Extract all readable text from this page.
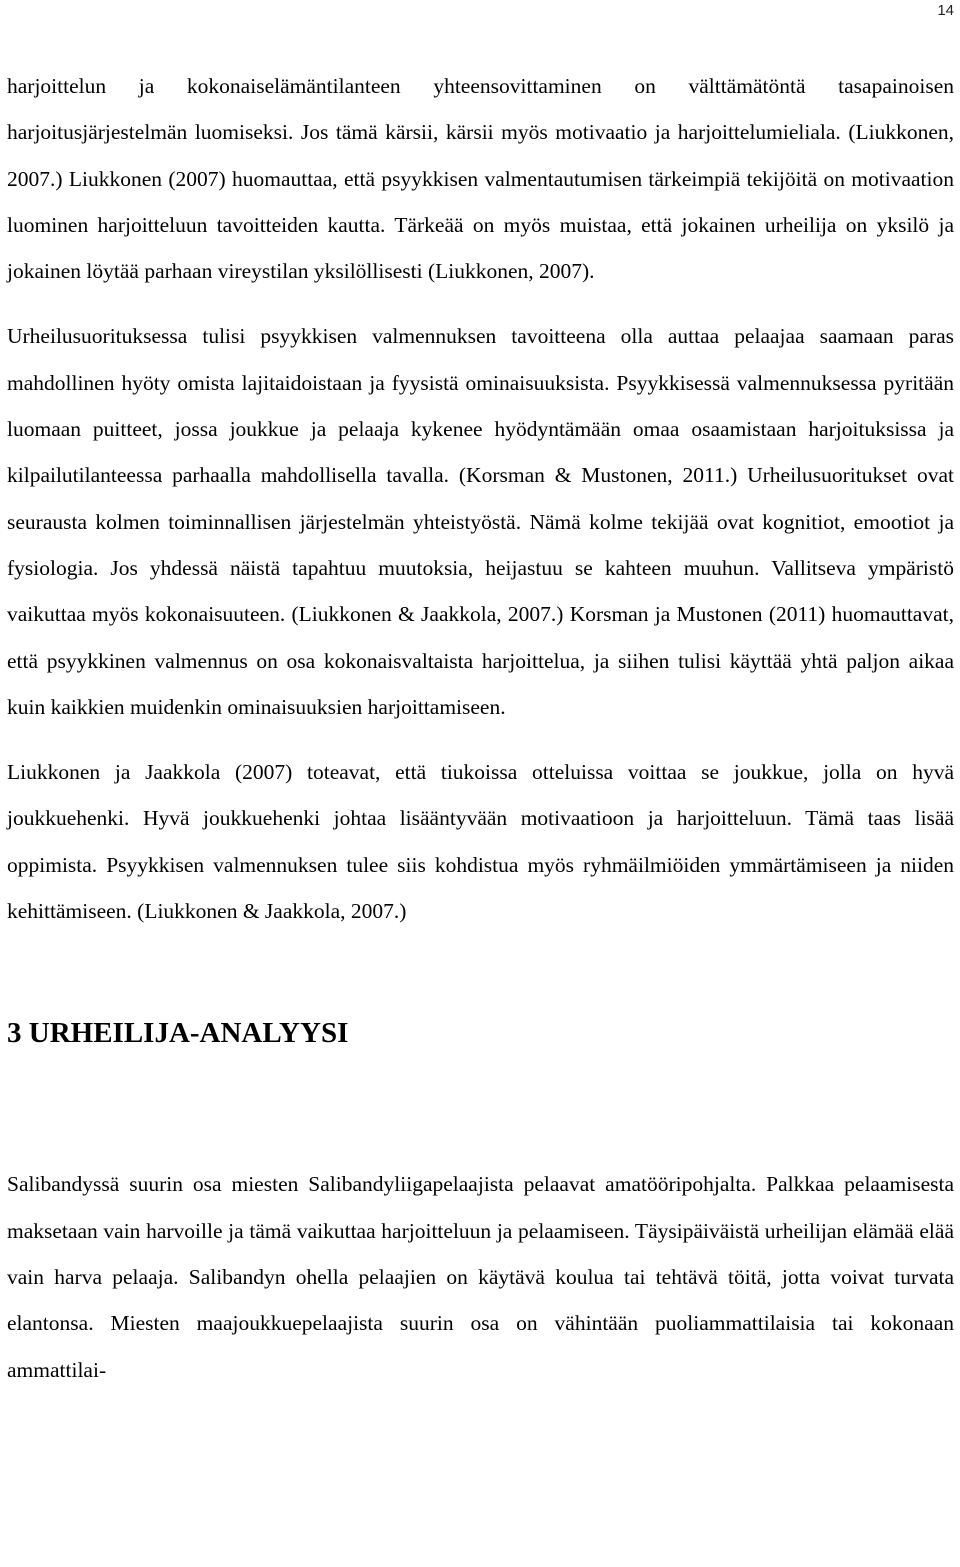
14

harjoittelun ja kokonaiselämäntilanteen yhteensovittaminen on välttämätöntä tasapainoisen harjoitusjärjestelmän luomiseksi. Jos tämä kärsii, kärsii myös motivaatio ja harjoittelumieliala. (Liukkonen, 2007.) Liukkonen (2007) huomauttaa, että psyykkisen valmentautumisen tärkeimpiä tekijöitä on motivaation luominen harjoitteluun tavoitteiden kautta. Tärkeää on myös muistaa, että jokainen urheilija on yksilö ja jokainen löytää parhaan vireystilan yksilöllisesti (Liukkonen, 2007).

Urheilusuorituksessa tulisi psyykkisen valmennuksen tavoitteena olla auttaa pelaajaa saamaan paras mahdollinen hyöty omista lajitaidoistaan ja fyysistä ominaisuuksista. Psyykkisessä valmennuksessa pyritään luomaan puitteet, jossa joukkue ja pelaaja kykenee hyödyntämään omaa osaamistaan harjoituksissa ja kilpailutilanteessa parhaalla mahdollisella tavalla. (Korsman & Mustonen, 2011.) Urheilusuoritukset ovat seurausta kolmen toiminnallisen järjestelmän yhteistyöstä. Nämä kolme tekijää ovat kognitiot, emootiot ja fysiologia. Jos yhdessä näistä tapahtuu muutoksia, heijastuu se kahteen muuhun. Vallitseva ympäristö vaikuttaa myös kokonaisuuteen. (Liukkonen & Jaakkola, 2007.) Korsman ja Mustonen (2011) huomauttavat, että psyykkinen valmennus on osa kokonaisvaltaista harjoittelua, ja siihen tulisi käyttää yhtä paljon aikaa kuin kaikkien muidenkin ominaisuuksien harjoittamiseen.

Liukkonen ja Jaakkola (2007) toteavat, että tiukoissa otteluissa voittaa se joukkue, jolla on hyvä joukkuehenki. Hyvä joukkuehenki johtaa lisääntyvään motivaatioon ja harjoitteluun. Tämä taas lisää oppimista. Psyykkisen valmennuksen tulee siis kohdistua myös ryhmäilmiöiden ymmärtämiseen ja niiden kehittämiseen. (Liukkonen & Jaakkola, 2007.)

3 URHEILIJA-ANALYYSI

Salibandyssä suurin osa miesten Salibandyliigapelaajista pelaavat amatööripohjalta. Palkkaa pelaamisesta maksetaan vain harvoille ja tämä vaikuttaa harjoitteluun ja pelaamiseen. Täysipäiväistä urheilijan elämää elää vain harva pelaaja. Salibandyn ohella pelaajien on käytävä koulua tai tehtävä töitä, jotta voivat turvata elantonsa. Miesten maajoukkuepelaajista suurin osa on vähintään puoliammattilaisia tai kokonaan ammattilai-
